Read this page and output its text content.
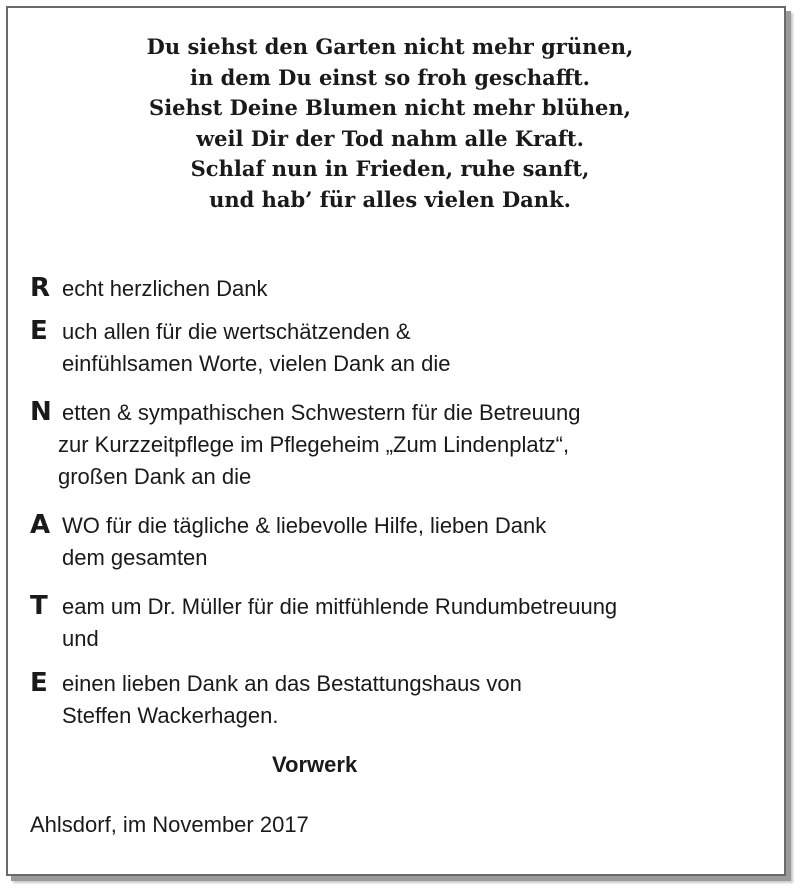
Du siehst den Garten nicht mehr grünen,
in dem Du einst so froh geschafft.
Siehst Deine Blumen nicht mehr blühen,
weil Dir der Tod nahm alle Kraft.
Schlaf nun in Frieden, ruhe sanft,
und hab’ für alles vielen Dank.
R echt herzlichen Dank
E uch allen für die wertschätzenden &
einfühlsamen Worte, vielen Dank an die
N etten & sympathischen Schwestern für die Betreuung
zur Kurzzeitpflege im Pflegeheim „Zum Lindenplatz“,
großen Dank an die
A WO für die tägliche & liebevolle Hilfe, lieben Dank
dem gesamten
T eam um Dr. Müller für die mitfühlende Rundumbetreuung
und
E einen lieben Dank an das Bestattungshaus von
Steffen Wackerhagen.
Vorwerk
Ahlsdorf, im November 2017
